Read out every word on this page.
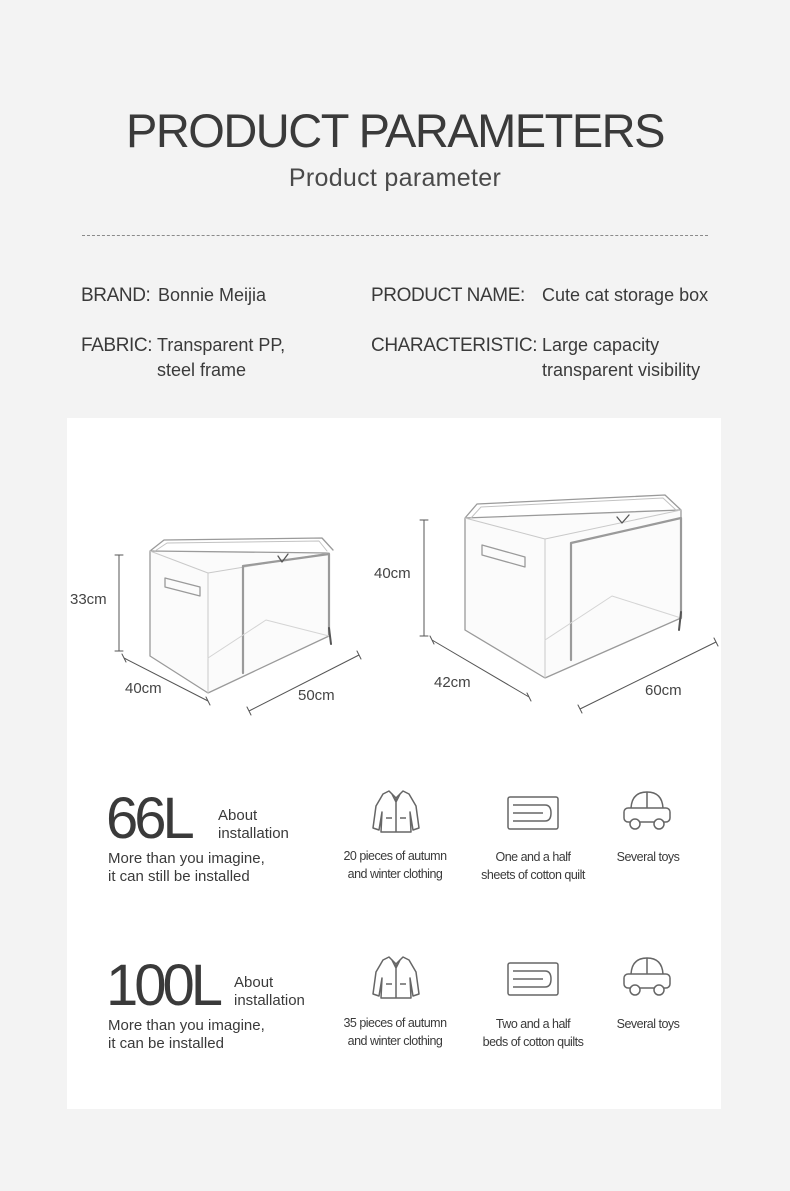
PRODUCT PARAMETERS
Product parameter
BRAND: Bonnie Meijia	PRODUCT NAME: Cute cat storage box
FABRIC: Transparent PP,
steel frame
CHARACTERISTIC: Large capacity
transparent visibility
33cm
40cm	50cm
40cm
42cm	60cm
66L About
installation
More than you imagine,
it can still be installed
20 pieces of autumn
and winter clothing
One and a half
sheets of cotton quilt
Several toys
100L About
installation
More than you imagine,
it can be installed
35 pieces of autumn
and winter clothing
Two and a half
beds of cotton quilts
Several toys
